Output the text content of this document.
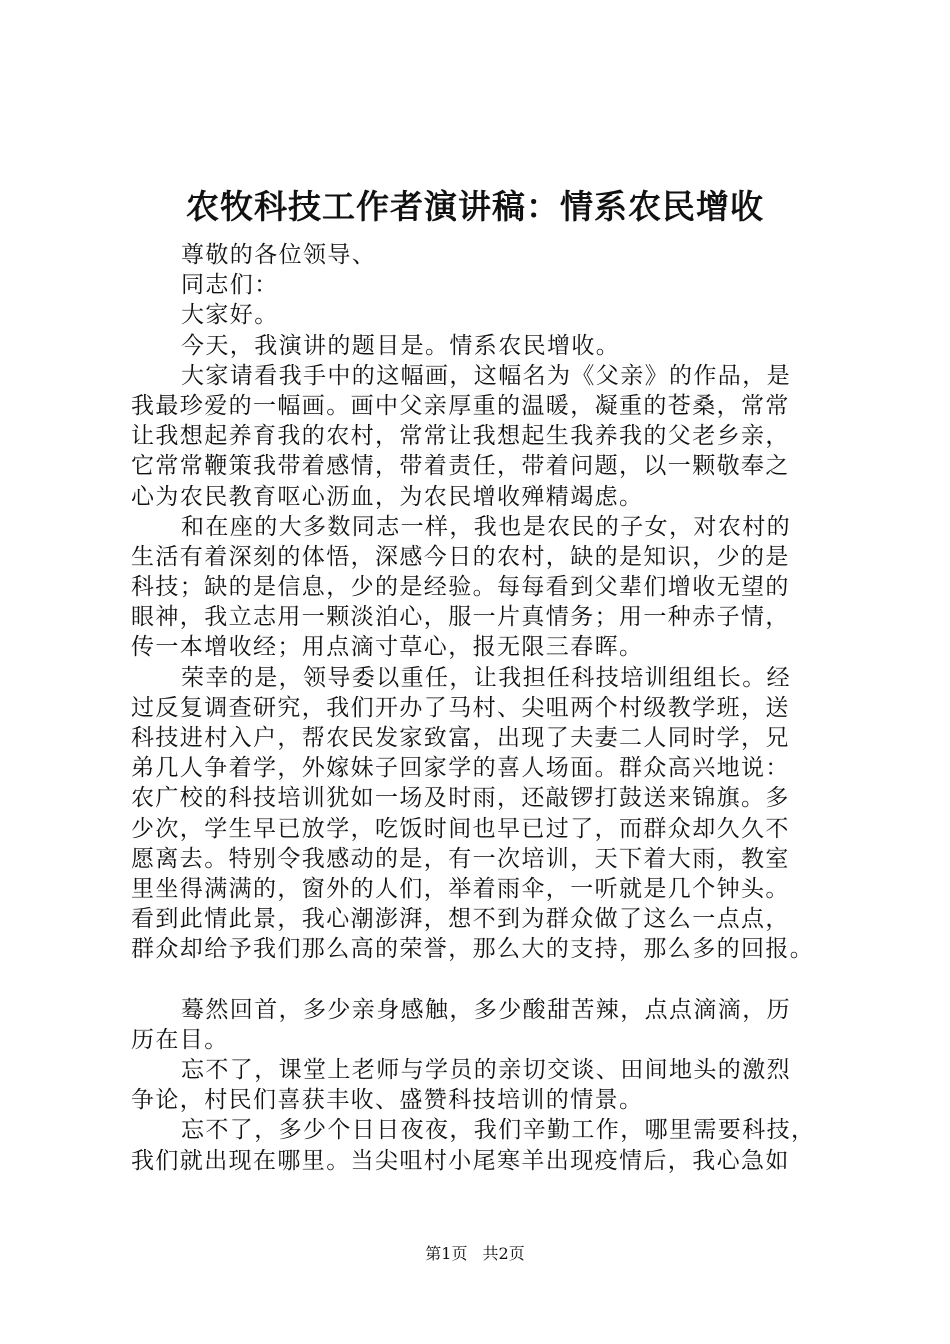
农牧科技工作者演讲稿：情系农民增收
尊敬的各位领导、
同志们：
大家好。
今天，我演讲的题目是。情系农民增收。
大家请看我手中的这幅画，这幅名为《父亲》的作品，是
我最珍爱的一幅画。画中父亲厚重的温暖，凝重的苍桑，常常
让我想起养育我的农村，常常让我想起生我养我的父老乡亲，
它常常鞭策我带着感情，带着责任，带着问题，以一颗敬奉之
心为农民教育呕心沥血，为农民增收殚精竭虑。
和在座的大多数同志一样，我也是农民的子女，对农村的
生活有着深刻的体悟，深感今日的农村，缺的是知识，少的是
科技；缺的是信息，少的是经验。每每看到父辈们增收无望的
眼神，我立志用一颗淡泊心，服一片真情务；用一种赤子情，
传一本增收经；用点滴寸草心，报无限三春晖。
荣幸的是，领导委以重任，让我担任科技培训组组长。经
过反复调查研究，我们开办了马村、尖咀两个村级教学班，送
科技进村入户，帮农民发家致富，出现了夫妻二人同时学，兄
弟几人争着学，外嫁妹子回家学的喜人场面。群众高兴地说：
农广校的科技培训犹如一场及时雨，还敲锣打鼓送来锦旗。多
少次，学生早已放学，吃饭时间也早已过了，而群众却久久不
愿离去。特别令我感动的是，有一次培训，天下着大雨，教室
里坐得满满的，窗外的人们，举着雨伞，一听就是几个钟头。
看到此情此景，我心潮澎湃，想不到为群众做了这么一点点，
群众却给予我们那么高的荣誉，那么大的支持，那么多的回报。
蓦然回首，多少亲身感触，多少酸甜苦辣，点点滴滴，历
历在目。
忘不了，课堂上老师与学员的亲切交谈、田间地头的激烈
争论，村民们喜获丰收、盛赞科技培训的情景。
忘不了，多少个日日夜夜，我们辛勤工作，哪里需要科技，
我们就出现在哪里。当尖咀村小尾寒羊出现疫情后，我心急如
第1页 共2页
